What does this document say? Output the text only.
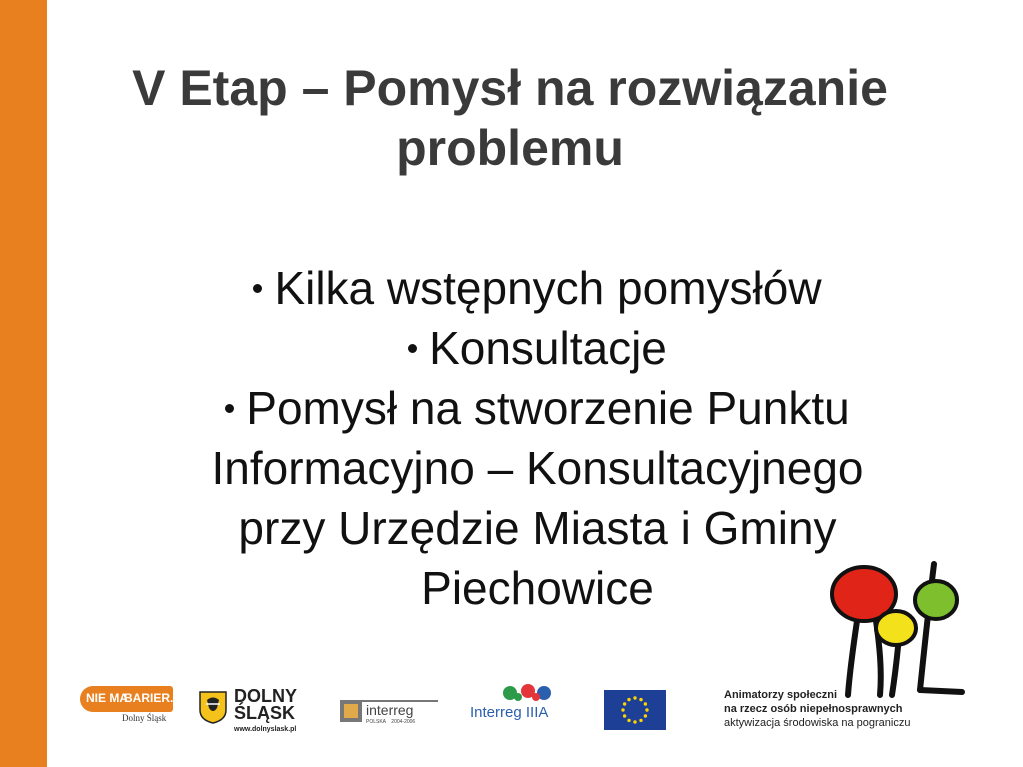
V Etap – Pomysł na rozwiązanie
problemu

Kilka wstępnych pomysłów

Konsultacje

Pomysł na stworzenie Punktu

Informacyjno – Konsultacyjnego

przy Urzędzie Miasta i Gminy

Piechowice

NIE MA
BARIER.
Dolny Śląsk
DOLNY
ŚLĄSK
www.dolnyslask.pl
interreg
POLSKA    2004-2006
Interreg IIIA
Animatorzy społeczni
na rzecz osób niepełnosprawnych
aktywizacja środowiska na pograniczu
